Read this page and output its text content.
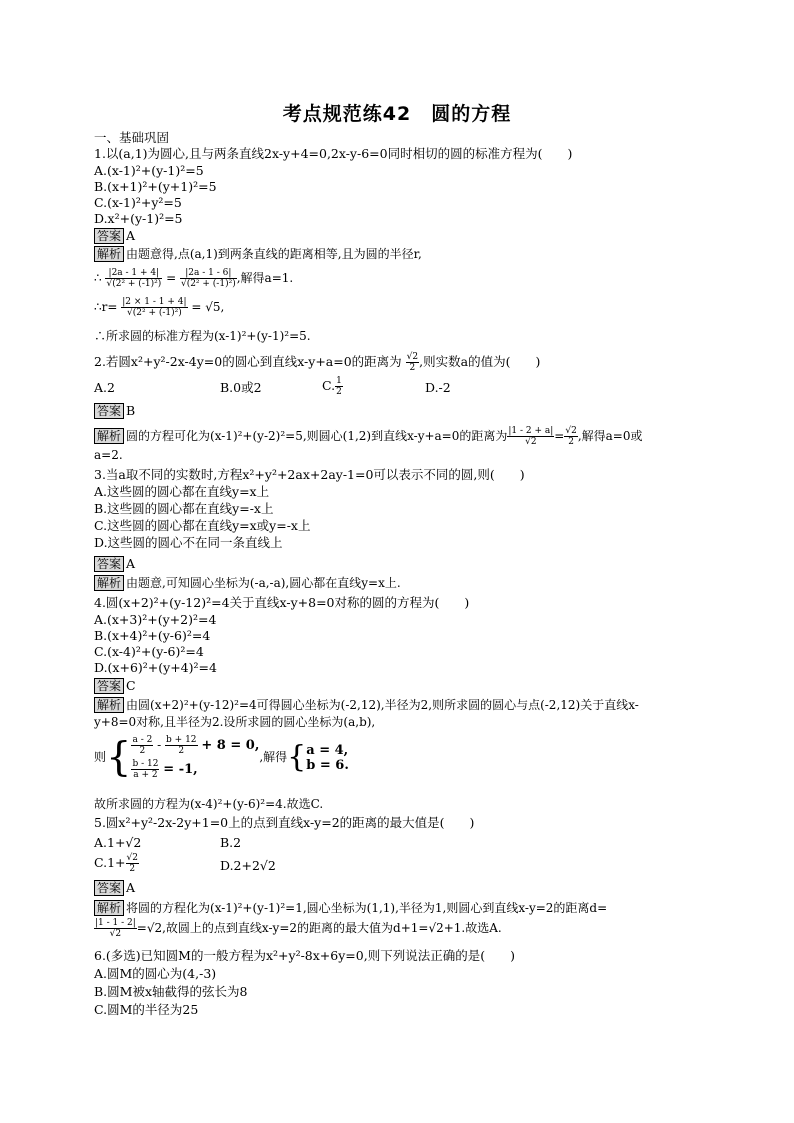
考点规范练42　圆的方程
一、基础巩固
1.以(a,1)为圆心,且与两条直线2x-y+4=0,2x-y-6=0同时相切的圆的标准方程为(　　)
A.(x-1)²+(y-1)²=5
B.(x+1)²+(y+1)²=5
C.(x-1)²+y²=5
D.x²+(y-1)²=5
答案 A
解析 由题意得,点(a,1)到两条直线的距离相等,且为圆的半径r,
∴ $\frac{|2a - 1 + 4|}{\text{√(2² + (-1)²)}} = \frac{|2a - 1 - 6|}{\text{√(2² + (-1)²)}}$ ,解得a=1.
∴r= $\frac{|2 \times 1 - 1 + 4|}{\text{√(2² + (-1)²)}} = √5$,
∴所求圆的标准方程为(x-1)²+(y-1)²=5.
2.若圆x²+y²-2x-4y=0的圆心到直线x-y+a=0的距离为 $\frac{√2}{2}$ ,则实数a的值为(　　)
A.2	B.0或2	C. $\frac{1}{2}$	D.-2
答案 B
解析 圆的方程可化为(x-1)²+(y-2)²=5,则圆心(1,2)到直线x-y+a=0的距离为 $\frac{|1 - 2 + a|}{√2} = \frac{√2}{2}$ ,解得a=0或
a=2.
3.当a取不同的实数时,方程x²+y²+2ax+2ay-1=0可以表示不同的圆,则(　　)
A.这些圆的圆心都在直线y=x上
B.这些圆的圆心都在直线y=-x上
C.这些圆的圆心都在直线y=x或y=-x上
D.这些圆的圆心不在同一条直线上
答案 A
解析 由题意,可知圆心坐标为(-a,-a),圆心都在直线y=x上.
4.圆(x+2)²+(y-12)²=4关于直线x-y+8=0对称的圆的方程为(　　)
A.(x+3)²+(y+2)²=4
B.(x+4)²+(y-6)²=4
C.(x-4)²+(y-6)²=4
D.(x+6)²+(y+4)²=4
答案 C
解析 由圆(x+2)²+(y-12)²=4可得圆心坐标为(-2,12),半径为2,则所求圆的圆心与点(-2,12)关于直线x-
y+8=0对称,且半径为2.设所求圆的圆心坐标为(a,b),
则{ $\frac{a - 2}{2} - \frac{b + 12}{2} + 8 = 0$,
$\frac{b - 12}{a + 2} = -1$,
,解得{ a = 4,
b = 6.
故所求圆的方程为(x-4)²+(y-6)²=4.故选C.
5.圆x²+y²-2x-2y+1=0上的点到直线x-y=2的距离的最大值是(　　)
A.1+√2	B.2
$C.1+ \frac{√2}{2}$	D.2+2√2
答案 A
解析 将圆的方程化为(x-1)²+(y-1)²=1,圆心坐标为(1,1),半径为1,则圆心到直线x-y=2的距离d=
$\frac{|1 - 1 - 2|}{√2} =√2$,故圆上的点到直线x-y=2的距离的最大值为d+1=√2+1.故选A.
6.(多选)已知圆M的一般方程为x²+y²-8x+6y=0,则下列说法正确的是(　　)
A.圆M的圆心为(4,-3)
B.圆M被x轴截得的弦长为8
C.圆M的半径为25
